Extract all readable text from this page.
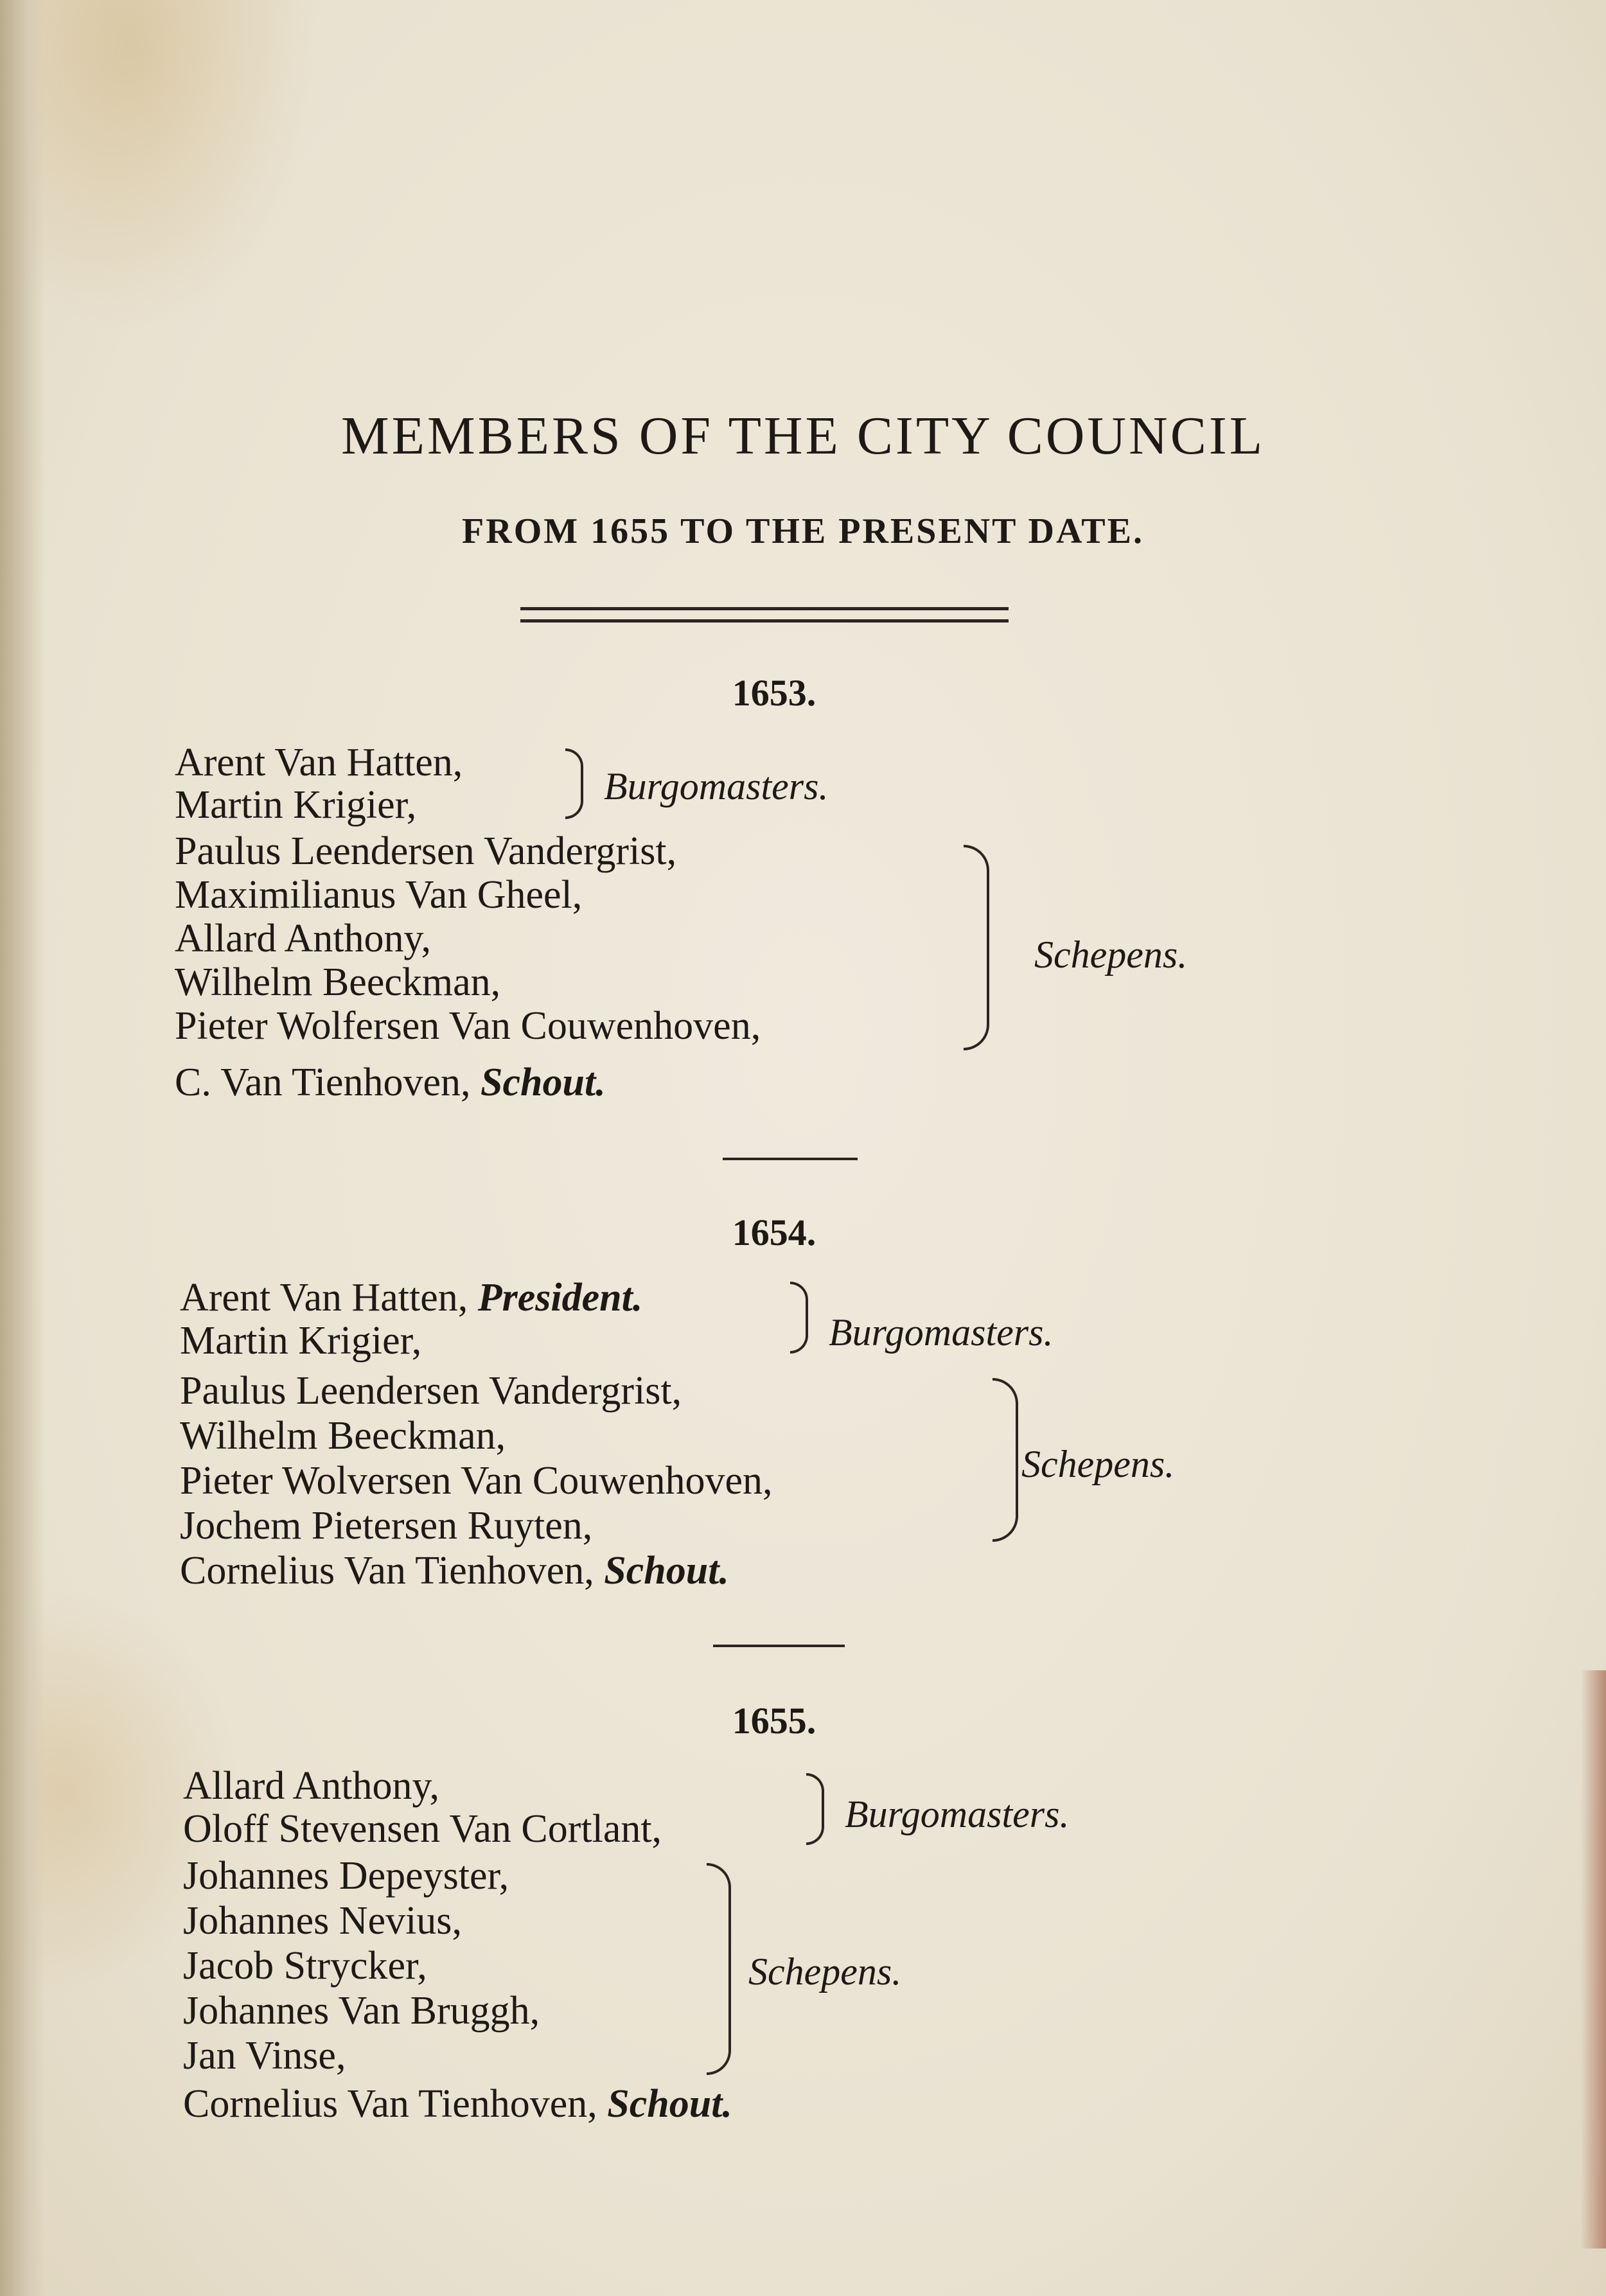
MEMBERS OF THE CITY COUNCIL
FROM 1655 TO THE PRESENT DATE.
1653.
Arent Van Hatten,
Martin Krigier,	Burgomasters.
Paulus Leendersen Vandergrist,
Maximilianus Van Gheel,
Allard Anthony,
Wilhelm Beeckman,
Pieter Wolfersen Van Couwenhoven,
Schepens.
C. Van Tienhoven, Schout.
1654.
Arent Van Hatten, President.
Martin Krigier,	Burgomasters.
Paulus Leendersen Vandergrist,
Wilhelm Beeckman,
Pieter Wolversen Van Couwenhoven,
Jochem Pietersen Ruyten,
Schepens.
Cornelius Van Tienhoven, Schout.
1655.
Allard Anthony,
Oloff Stevensen Van Cortlant,	Burgomasters.
Johannes Depeyster,
Johannes Nevius,
Jacob Strycker,
Johannes Van Bruggh,
Jan Vinse,
Schepens.
Cornelius Van Tienhoven, Schout.
